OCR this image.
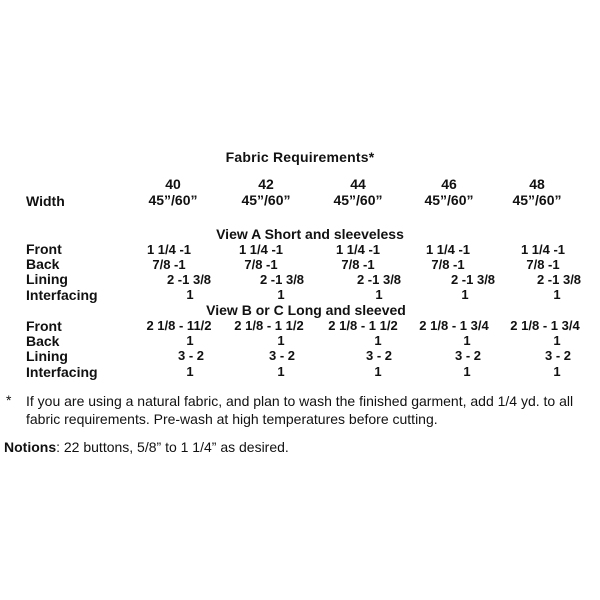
Fabric Requirements*
40	42	44	46	48
Width	45”/60”	45”/60”	45”/60”	45”/60”	45”/60”
View A Short and sleeveless
Front	1 1/4 -1	1 1/4 -1	1 1/4 -1	1 1/4 -1	1 1/4 -1
Back	7/8 -1	7/8 -1	7/8 -1	7/8 -1	7/8 -1
Lining	2 -1 3/8	2 -1 3/8	2 -1 3/8	2 -1 3/8	2 -1 3/8
Interfacing	1	1	1	1	1
View B or C Long and sleeved
Front	2 1/8 - 11/2	2 1/8 - 1 1/2	2 1/8 - 1 1/2	2 1/8 - 1 3/4	2 1/8 - 1 3/4
Back	1	1	1	1	1
Lining	3 - 2	3 - 2	3 - 2	3 - 2	3 - 2
Interfacing	1	1	1	1	1
* If you are using a natural fabric, and plan to wash the finished garment, add 1/4 yd. to all fabric requirements. Pre-wash at high temperatures before cutting.
Notions: 22 buttons, 5/8” to 1 1/4” as desired.
